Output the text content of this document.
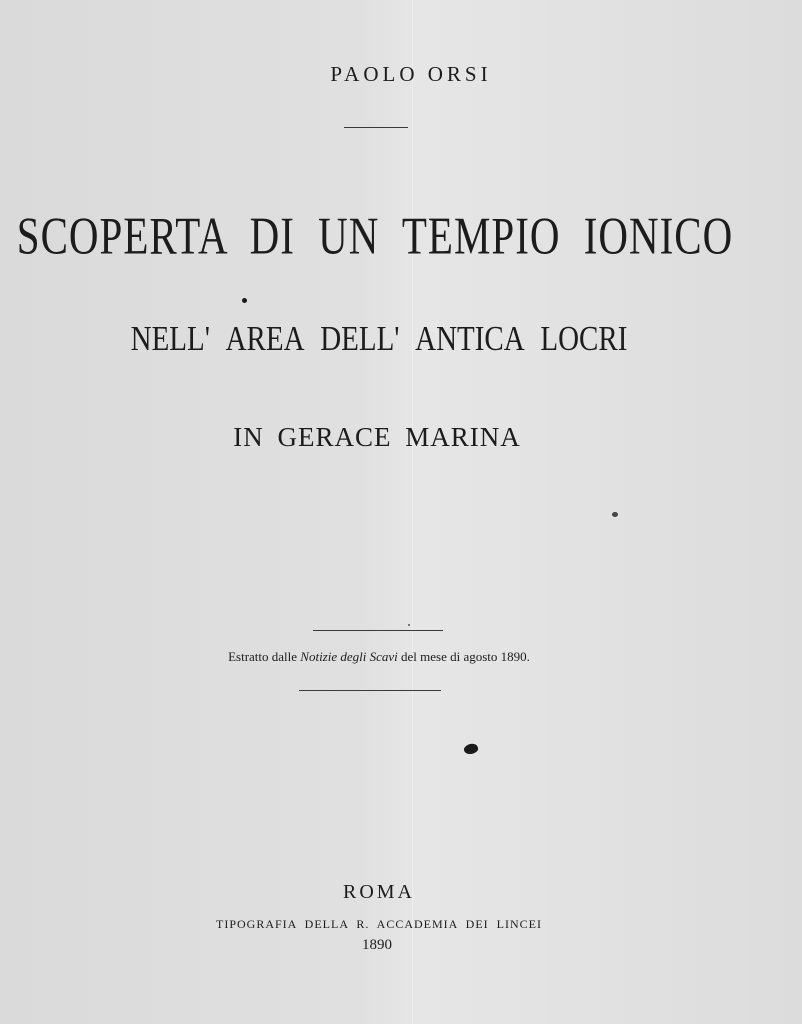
PAOLO ORSI
SCOPERTA DI UN TEMPIO IONICO
NELL' AREA DELL' ANTICA LOCRI
IN GERACE MARINA
Estratto dalle Notizie degli Scavi del mese di agosto 1890.
ROMA
TIPOGRAFIA DELLA R. ACCADEMIA DEI LINCEI
1890
